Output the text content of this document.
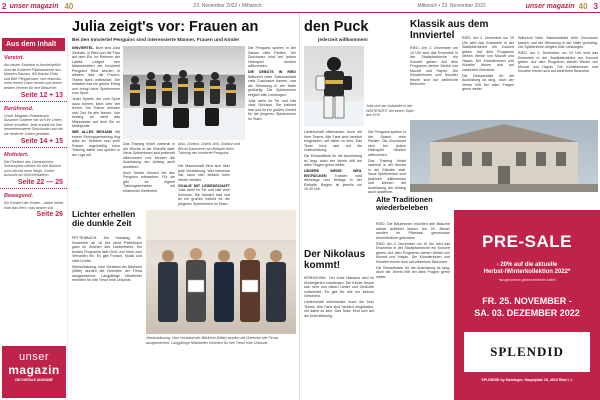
2 unser magazin 40	23. November 2022 • Mittwoch	Mittwoch • 23. November 2022	unser magazin 40 3
Aus dem Inhalt
Vereint.
Am neuen Standort in Arnsteinpfühl sind die früheren Filialstandorte aus Massen-Sassen, IMI Wacke-Fiebl und BMI Pfingstrosen, nun erstmals unter einem Dach vereint und bieten beiden Vereine für ihre Besucher.
Seite 12 + 13
Berührend.
Unser Magazin-Redakteurin Susanne Gaderer hat sich ihr Leben früher schaffen. Jetzt erzählt sie ihre bemerkenswerte Geschichte und wie sie heute ihr Leben gestaltet.
Seite 14 + 15
Motiviert.
Die Floristen des Ozeanischen Schauspiels wählen für ihre Blumen zum Advent neue Wege. Große Auswahl an Geschenkideen.
Seite 22 — 25
Bewegend.
Ein Konzert der Kinder – dabei erlebt man das Herz, was tanzen soll.
Seite 26
unser
magazin
DIE DIGITALE AUSGABE
Julia zeigt's vor: Frauen an	den Puck
Bei den Innviertel Penguins sind interessierte Männer, Frauen und Kinder	jederzeit willkommen!

INNVIERTEL. Bunt sind Julia Zielinski, in Ried und die Frau auf dem Eis. Im Rahmen der Ladies League den Mannschaften der Innviertel Penguins Ried wurden in diesem Jahr die Frauen-Teams stark unterstützt. Die Initiative war ein großer Erfolg und bringt neue Spielerinnen zum Sport.

Jeder Spieler, der zum Sport dazu kommt, kann sehr viel lernen. Die Trainer nehmen sich Zeit für alle Neuen. Von Anfang an steht das Miteinander auf dem Eis im Mittelpunkt.

WIE ALLES BEGANN Mit einem Schnuppertraining fing alles an. Seitdem sind viele Frauen regelmäßig beim Training dabei und spielen in der Liga mit.

Also, Gordon, Gisela Jöhl, Gollanz und Bernd Sauerwein am Beispiel beim Training der Innviertel Penguins

Das Training findet zweimal in der Woche in der Eishalle statt. Neue Spielerinnen sind jederzeit willkommen und können die Ausrüstung am Anfang auch ausleihen.

Auch Kinder können bei den Penguins mitmachen. Für sie gibt es eigene Trainingseinheiten mit erfahrenen Betreuern.

Die Mannschaft freut sich über jede Verstärkung. Wer Interesse hat, kann sich einfach beim Verein melden.

GOALIE MIT LEIDENSCHAFT Julia steht im Tor und hält viele Schüsse. Sie trainiert hart und ist ein großes Vorbild für die jüngeren Spielerinnen im Team.

Die Penguins spielen in der Saison viele Partien. Die Zuschauer sind bei jedem Heimspiel herzlich willkommen.

DIE DEBÜTS IN RIED Während beim Saisonauftakt viele Zuschauer kamen, war die Stimmung in der Halle großartig. Die Spielerinnen zeigten tolle Leistungen.

Julia steht im Tor und hält viele Schüsse. Sie trainiert hart und ist ein großes Vorbild für die jüngeren Spielerinnen im Team.

Julia und der Aufsteller in der WINTERZEIT bei einem Spiel des EHC

Liederschaft miteinander. Auch die Ihrer Teams. Alle Fans sind herzlich eingeladen, mit dabei zu sein. Das Team freut sich auf die Unterstützung.

Die Einkaufsliste für die Ausrüstung ist lang, doch der Verein hilft bei allen Fragen gerne weiter.

UNSERE WEISE WEIL ENTRÜCKEN Trainiert wird dienstags und freitags in der Eishalle. Beginn ist jeweils um 19.30 Uhr.

Lichter erhellen die dunkle Zeit

PETTENBACH. Am Samstag, 26. November ab 16 Uhr steht Pettenbach ganz im Zeichen des Lichterfestes. Ein buntes Programm lädt Groß und Klein zum Verweilen ein. Es gibt Punsch, Musik und viele Lichter.

Wertschätzung. Vom Vorstand der Bäckerei (Mitte) wurden die Geehrten der Firma ausgezeichnet. Langjährige Mitarbeiter erhielten für ihre Treue eine Urkunde.

Wertschätzung. Vom Vorstand der Bäckerei (Mitte) wurden die Geehrten der Firma ausgezeichnet. Langjährige Mitarbeiter erhielten für ihre Treue eine Urkunde.
Der Nikolaus kommt!

MÖRSCHWIL. Der erste Nikolaus wird im Kindergarten empfangen. Die Kinder freuen sich sehr und haben Lieder und Gedichte vorbereitet. Es gibt für alle ein kleines Geschenk.

Liederschaft miteinander. Auch die Ihrer Teams. Alle Fans sind herzlich eingeladen, mit dabei zu sein. Das Team freut sich auf die Unterstützung.

Die Penguins spielen in der Saison viele Partien. Die Zuschauer sind bei jedem Heimspiel herzlich willkommen.

Das Training findet zweimal in der Woche in der Eishalle statt. Neue Spielerinnen sind jederzeit willkommen und können die Ausrüstung am Anfang auch ausleihen.

Klassik aus dem Innviertel

RIED. Am 2. Dezember um 19 Uhr wird das Ensemble in der Stadtpfarrkirche ein Konzert geben. Auf dem Programm stehen Werke von Mozart und Haydn. Die Künstlerinnen und Künstler freuen sich auf zahlreiche Besucher.

RIED. Am 2. Dezember um 19 Uhr wird das Ensemble in der Stadtpfarrkirche ein Konzert geben. Auf dem Programm stehen Werke von Mozart und Haydn. Die Künstlerinnen und Künstler freuen sich auf zahlreiche Besucher.

Die Einkaufsliste für die Ausrüstung ist lang, doch der Verein hilft bei allen Fragen gerne weiter.

Während beim Saisonauftakt viele Zuschauer kamen, war die Stimmung in der Halle großartig. Die Spielerinnen zeigten tolle Leistungen.

RIED. Am 2. Dezember um 19 Uhr wird das Ensemble in der Stadtpfarrkirche ein Konzert geben. Auf dem Programm stehen Werke von Mozart und Haydn. Die Künstlerinnen und Künstler freuen sich auf zahlreiche Besucher.

Alte Traditionen wiederbeleben

RIED. Die Bäuerinnen möchten alte Bräuche wieder aufleben lassen. Am 24. Jänner werden im Pfarrsaal gemeinsam Adventkränze gebunden.

RIED. Am 2. Dezember um 19 Uhr wird das Ensemble in der Stadtpfarrkirche ein Konzert geben. Auf dem Programm stehen Werke von Mozart und Haydn. Die Künstlerinnen und Künstler freuen sich auf zahlreiche Besucher.

Die Einkaufsliste für die Ausrüstung ist lang, doch der Verein hilft bei allen Fragen gerne weiter.

PRE-SALE
- 20% auf die aktuelle
Herbst-/Winterkollektion 2022*
*ausgenommen gekennzeichnete Artikel
FR. 25. NOVEMBER -
SA. 03. DEZEMBER 2022
SPLENDID
SPLENDID by Maininger, Hauptplatz 28, 4910 Ried i. I.
